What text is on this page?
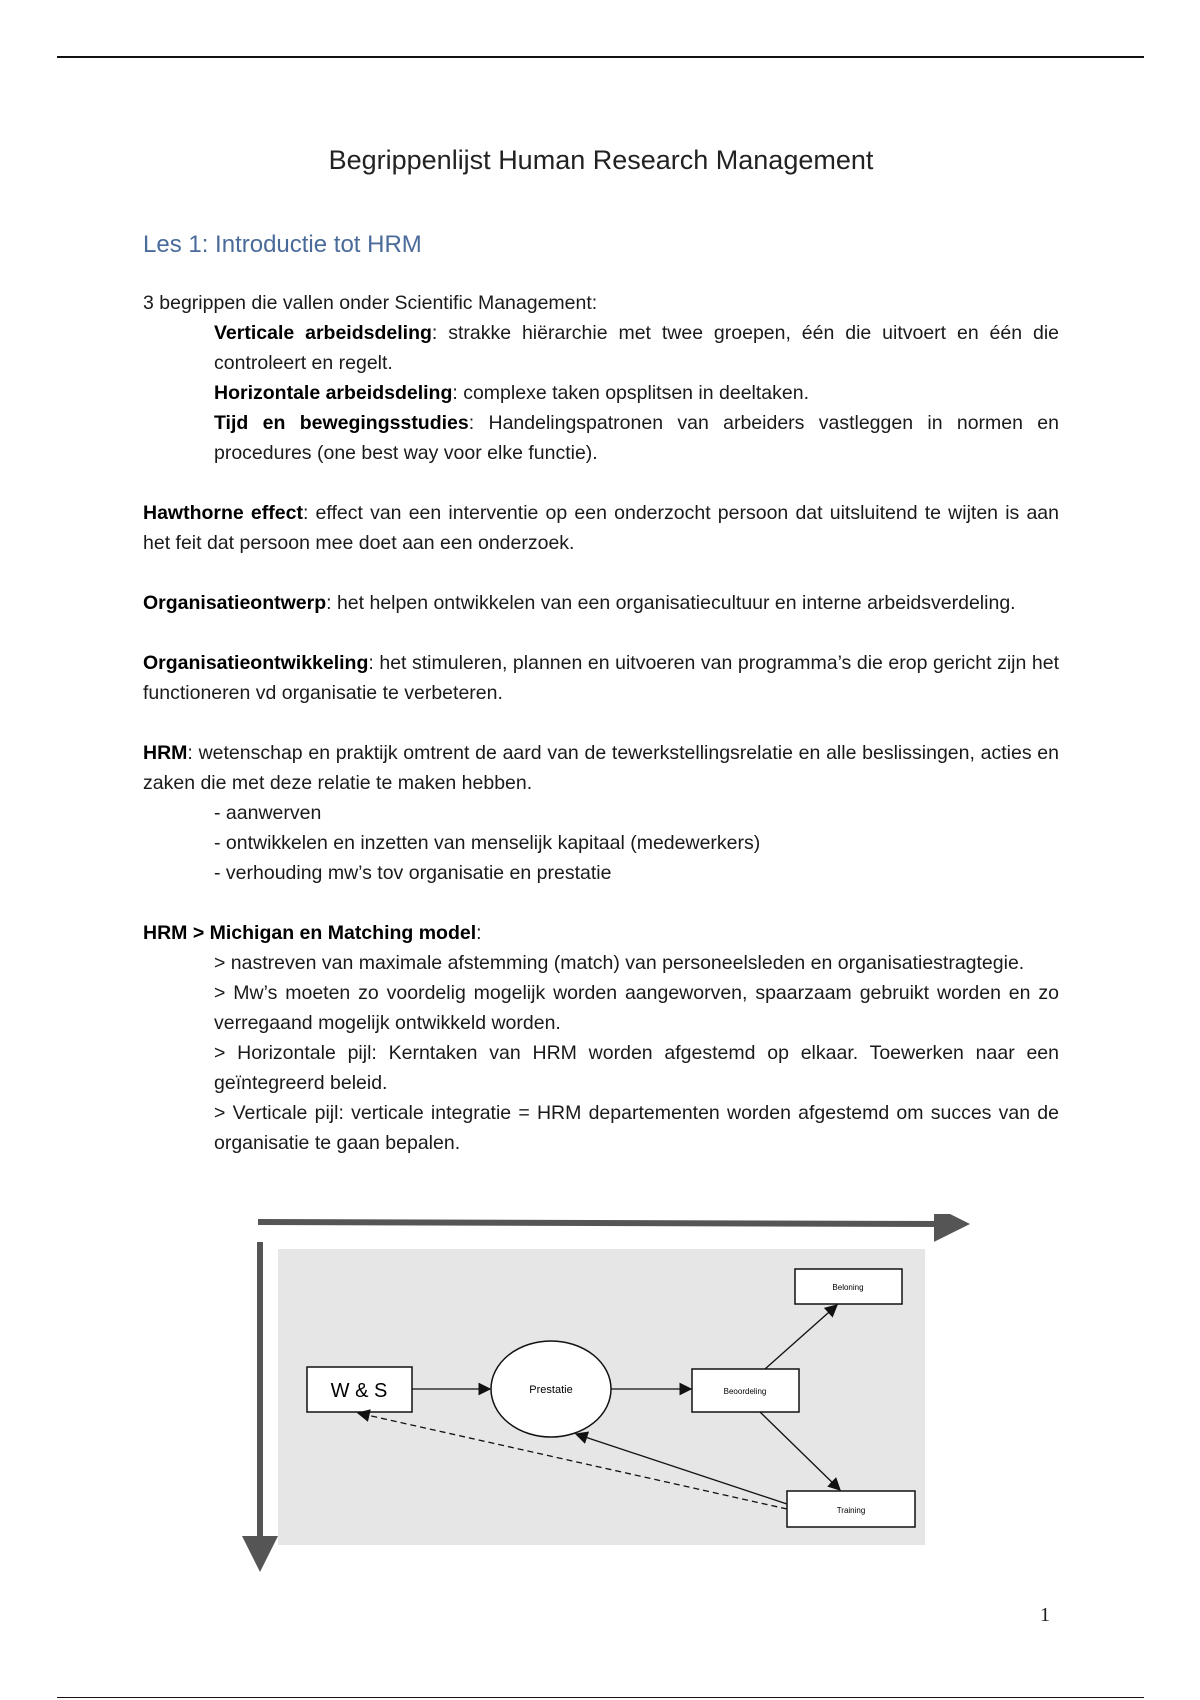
Begrippenlijst Human Research Management
Les 1: Introductie tot HRM

3 begrippen die vallen onder Scientific Management:

Verticale arbeidsdeling: strakke hiërarchie met twee groepen, één die uitvoert en één die controleert en regelt.

Horizontale arbeidsdeling: complexe taken opsplitsen in deeltaken.

Tijd en bewegingsstudies: Handelingspatronen van arbeiders vastleggen in normen en procedures (one best way voor elke functie).

Hawthorne effect: effect van een interventie op een onderzocht persoon dat uitsluitend te wijten is aan het feit dat persoon mee doet aan een onderzoek.

Organisatieontwerp: het helpen ontwikkelen van een organisatiecultuur en interne arbeidsverdeling.

Organisatieontwikkeling: het stimuleren, plannen en uitvoeren van programma’s die erop gericht zijn het functioneren vd organisatie te verbeteren.

HRM: wetenschap en praktijk omtrent de aard van de tewerkstellingsrelatie en alle beslissingen, acties en zaken die met deze relatie te maken hebben.

- aanwerven

- ontwikkelen en inzetten van menselijk kapitaal (medewerkers)

- verhouding mw’s tov organisatie en prestatie

HRM > Michigan en Matching model:

> nastreven van maximale afstemming (match) van personeelsleden en organisatiestragtegie.

> Mw’s moeten zo voordelig mogelijk worden aangeworven, spaarzaam gebruikt worden en zo verregaand mogelijk ontwikkeld worden.

> Horizontale pijl: Kerntaken van HRM worden afgestemd op elkaar. Toewerken naar een geïntegreerd beleid.

> Verticale pijl: verticale integratie = HRM departementen worden afgestemd om succes van de organisatie te gaan bepalen.

W & S	Prestatie	Beoordeling
Beloning
Training
1
